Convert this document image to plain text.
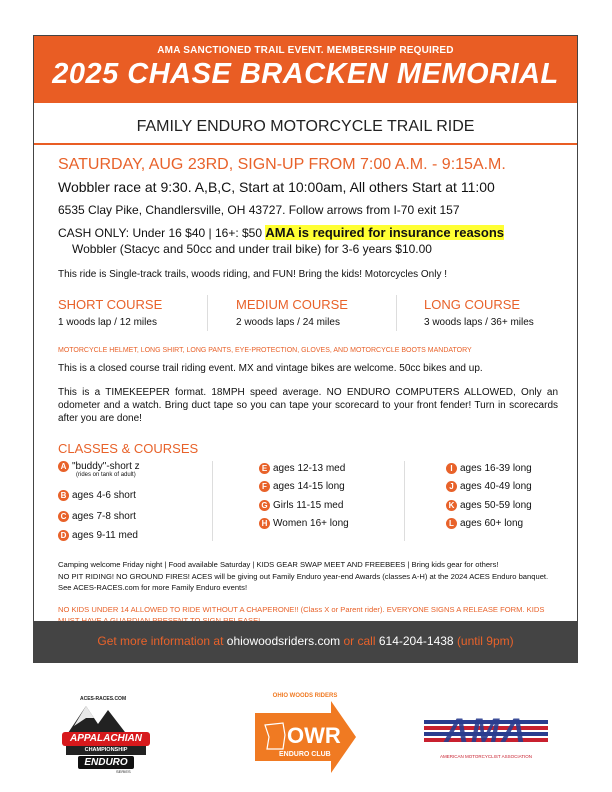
AMA SANCTIONED TRAIL EVENT. MEMBERSHIP REQUIRED
2025 CHASE BRACKEN MEMORIAL
FAMILY ENDURO MOTORCYCLE TRAIL RIDE
SATURDAY, AUG 23RD, SIGN-UP FROM 7:00 A.M. - 9:15A.M.
Wobbler race at 9:30. A,B,C, Start at 10:00am, All others Start at 11:00
6535 Clay Pike, Chandlersville, OH 43727. Follow arrows from I-70 exit 157
CASH ONLY: Under 16 $40 | 16+: $50 AMA is required for insurance reasons
Wobbler (Stacyc and 50cc and under trail bike) for 3-6 years $10.00
This ride is Single-track trails, woods riding, and FUN! Bring the kids! Motorcycles Only !
SHORT COURSE
1 woods lap / 12 miles
MEDIUM COURSE
2 woods laps / 24 miles
LONG COURSE
3 woods laps / 36+ miles
MOTORCYCLE HELMET, LONG SHIRT, LONG PANTS, EYE-PROTECTION, GLOVES, AND MOTORCYCLE BOOTS MANDATORY
This is a closed course trail riding event. MX and vintage bikes are welcome. 50cc bikes and up.
This is a TIMEKEEPER format. 18MPH speed average. NO ENDURO COMPUTERS ALLOWED, Only an odometer and a watch. Bring duct tape so you can tape your scorecard to your front fender! Turn in scorecards after you are done!
CLASSES & COURSES
A "buddy"-short z
(rides on tank of adult)
B ages 4-6 short
C ages 7-8 short
D ages 9-11 med
E ages 12-13 med
F ages 14-15 long
G Girls 11-15 med
H Women 16+ long
I ages 16-39 long
J ages 40-49 long
K ages 50-59 long
L ages 60+ long
Camping welcome Friday night | Food available Saturday | KIDS GEAR SWAP MEET AND FREEBEES | Bring kids gear for others!
NO PIT RIDING! NO GROUND FIRES! ACES will be giving out Family Enduro year-end Awards (classes A-H) at the 2024 ACES Enduro banquet. See ACES-RACES.com for more Family Enduro events!
NO KIDS UNDER 14 ALLOWED TO RIDE WITHOUT A CHAPERONE!! (Class X or Parent rider). EVERYONE SIGNS A RELEASE FORM. KIDS
Get more information at ohiowoodsriders.com or call 614-204-1438 (until 9pm)
ACES-RACES.COM
APPALACHIAN
CHAMPIONSHIP
ENDURO
SERIES
OHIO WOODS RIDERS
OWR
ENDURO CLUB
AMA
AMERICAN MOTORCYCLIST ASSOCIATION
